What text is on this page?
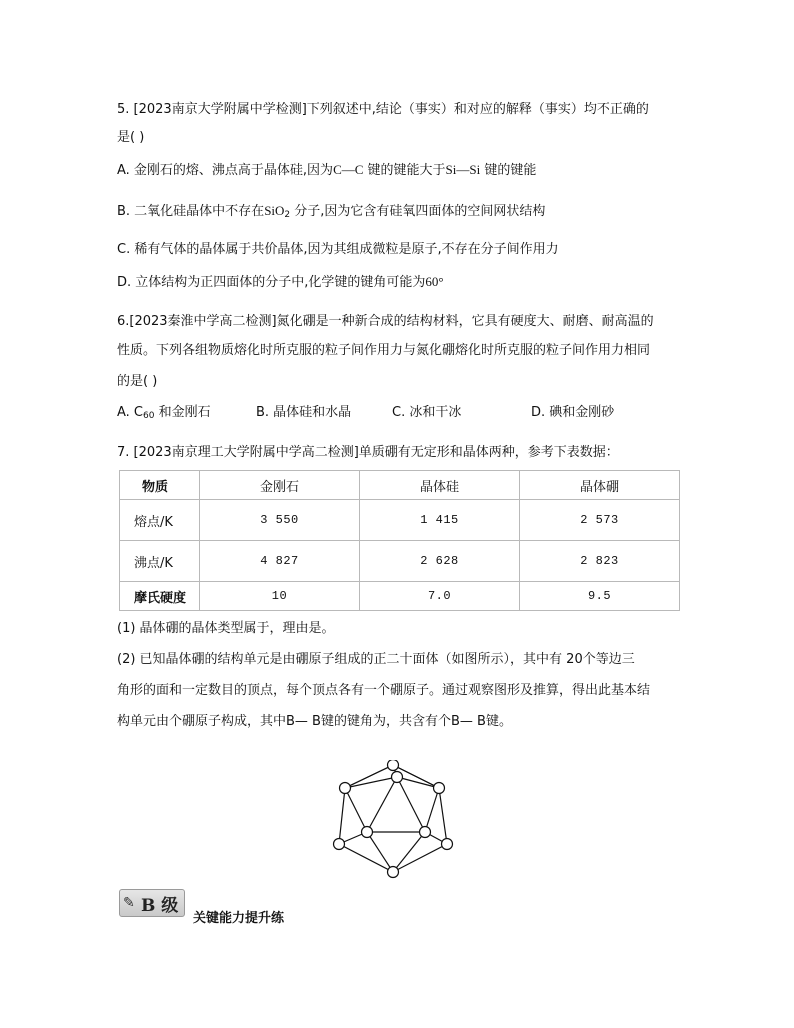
5. [2023南京大学附属中学检测]下列叙述中,结论（事实）和对应的解释（事实）均不正确的
是( )
A. 金刚石的熔、沸点高于晶体硅,因为C—C 键的键能大于Si—Si 键的键能
B. 二氧化硅晶体中不存在SiO$_2$ 分子,因为它含有硅氧四面体的空间网状结构
C. 稀有气体的晶体属于共价晶体,因为其组成微粒是原子,不存在分子间作用力
D. 立体结构为正四面体的分子中,化学键的键角可能为60°
6.[2023秦淮中学高二检测]氮化硼是一种新合成的结构材料，它具有硬度大、耐磨、耐高温的
性质。下列各组物质熔化时所克服的粒子间作用力与氮化硼熔化时所克服的粒子间作用力相同
的是( )
A. $C_{60}$ 和金刚石	B. 晶体硅和水晶	C. 冰和干冰	D. 碘和金刚砂
7. [2023南京理工大学附属中学高二检测]单质硼有无定形和晶体两种，参考下表数据：
物质	金刚石	晶体硅	晶体硼
熔点/K	3 550	1 415	2 573
沸点/K	4 827	2 628	2 823
摩氏硬度	10	7.0	9.5
(1) 晶体硼的晶体类型属于，理由是。
(2) 已知晶体硼的结构单元是由硼原子组成的正二十面体（如图所示），其中有 20个等边三
角形的面和一定数目的顶点，每个顶点各有一个硼原子。通过观察图形及推算，得出此基本结
构单元由个硼原子构成，其中B— B键的键角为，共含有个B— B键。
✎ B 级
关键能力提升练
